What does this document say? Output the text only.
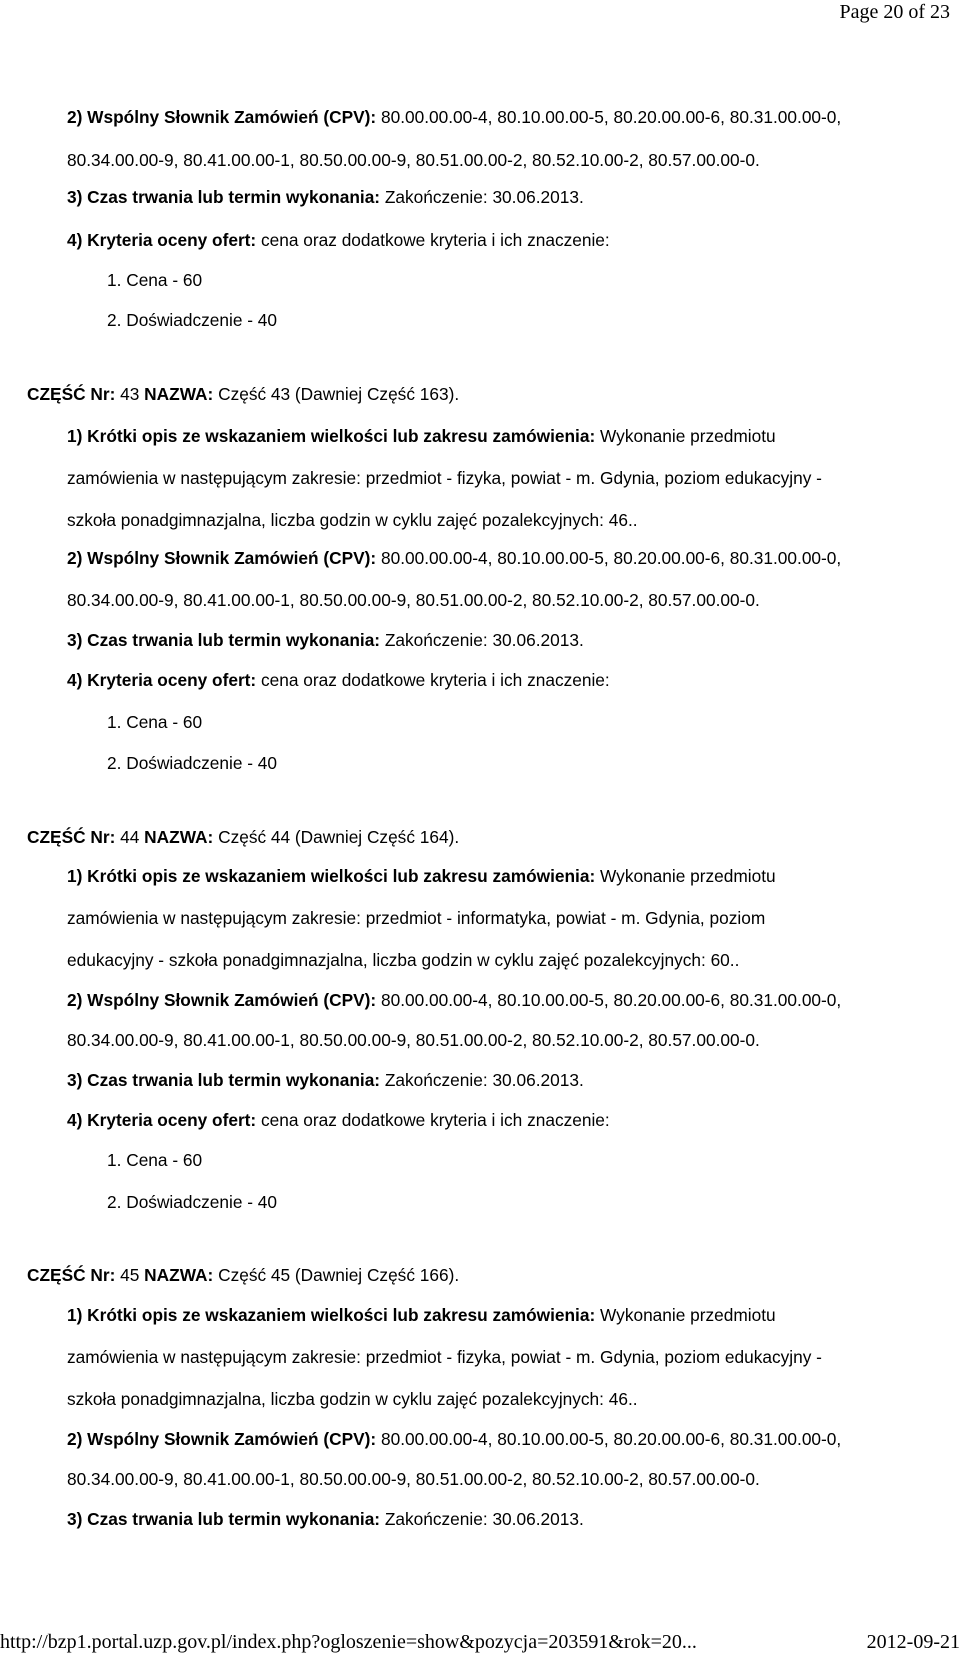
Page 20 of 23
2) Wspólny Słownik Zamówień (CPV): 80.00.00.00-4, 80.10.00.00-5, 80.20.00.00-6, 80.31.00.00-0,
80.34.00.00-9, 80.41.00.00-1, 80.50.00.00-9, 80.51.00.00-2, 80.52.10.00-2, 80.57.00.00-0.
3) Czas trwania lub termin wykonania: Zakończenie: 30.06.2013.
4) Kryteria oceny ofert: cena oraz dodatkowe kryteria i ich znaczenie:
1. Cena - 60
2. Doświadczenie - 40
CZĘŚĆ Nr: 43 NAZWA: Część 43 (Dawniej Część 163).
1) Krótki opis ze wskazaniem wielkości lub zakresu zamówienia: Wykonanie przedmiotu
zamówienia w następującym zakresie: przedmiot - fizyka, powiat - m. Gdynia, poziom edukacyjny -
szkoła ponadgimnazjalna, liczba godzin w cyklu zajęć pozalekcyjnych: 46..
2) Wspólny Słownik Zamówień (CPV): 80.00.00.00-4, 80.10.00.00-5, 80.20.00.00-6, 80.31.00.00-0,
80.34.00.00-9, 80.41.00.00-1, 80.50.00.00-9, 80.51.00.00-2, 80.52.10.00-2, 80.57.00.00-0.
3) Czas trwania lub termin wykonania: Zakończenie: 30.06.2013.
4) Kryteria oceny ofert: cena oraz dodatkowe kryteria i ich znaczenie:
1. Cena - 60
2. Doświadczenie - 40
CZĘŚĆ Nr: 44 NAZWA: Część 44 (Dawniej Część 164).
1) Krótki opis ze wskazaniem wielkości lub zakresu zamówienia: Wykonanie przedmiotu
zamówienia w następującym zakresie: przedmiot - informatyka, powiat - m. Gdynia, poziom
edukacyjny - szkoła ponadgimnazjalna, liczba godzin w cyklu zajęć pozalekcyjnych: 60..
2) Wspólny Słownik Zamówień (CPV): 80.00.00.00-4, 80.10.00.00-5, 80.20.00.00-6, 80.31.00.00-0,
80.34.00.00-9, 80.41.00.00-1, 80.50.00.00-9, 80.51.00.00-2, 80.52.10.00-2, 80.57.00.00-0.
3) Czas trwania lub termin wykonania: Zakończenie: 30.06.2013.
4) Kryteria oceny ofert: cena oraz dodatkowe kryteria i ich znaczenie:
1. Cena - 60
2. Doświadczenie - 40
CZĘŚĆ Nr: 45 NAZWA: Część 45 (Dawniej Część 166).
1) Krótki opis ze wskazaniem wielkości lub zakresu zamówienia: Wykonanie przedmiotu
zamówienia w następującym zakresie: przedmiot - fizyka, powiat - m. Gdynia, poziom edukacyjny -
szkoła ponadgimnazjalna, liczba godzin w cyklu zajęć pozalekcyjnych: 46..
2) Wspólny Słownik Zamówień (CPV): 80.00.00.00-4, 80.10.00.00-5, 80.20.00.00-6, 80.31.00.00-0,
80.34.00.00-9, 80.41.00.00-1, 80.50.00.00-9, 80.51.00.00-2, 80.52.10.00-2, 80.57.00.00-0.
3) Czas trwania lub termin wykonania: Zakończenie: 30.06.2013.
http://bzp1.portal.uzp.gov.pl/index.php?ogloszenie=show&pozycja=203591&rok=20...	2012-09-21
